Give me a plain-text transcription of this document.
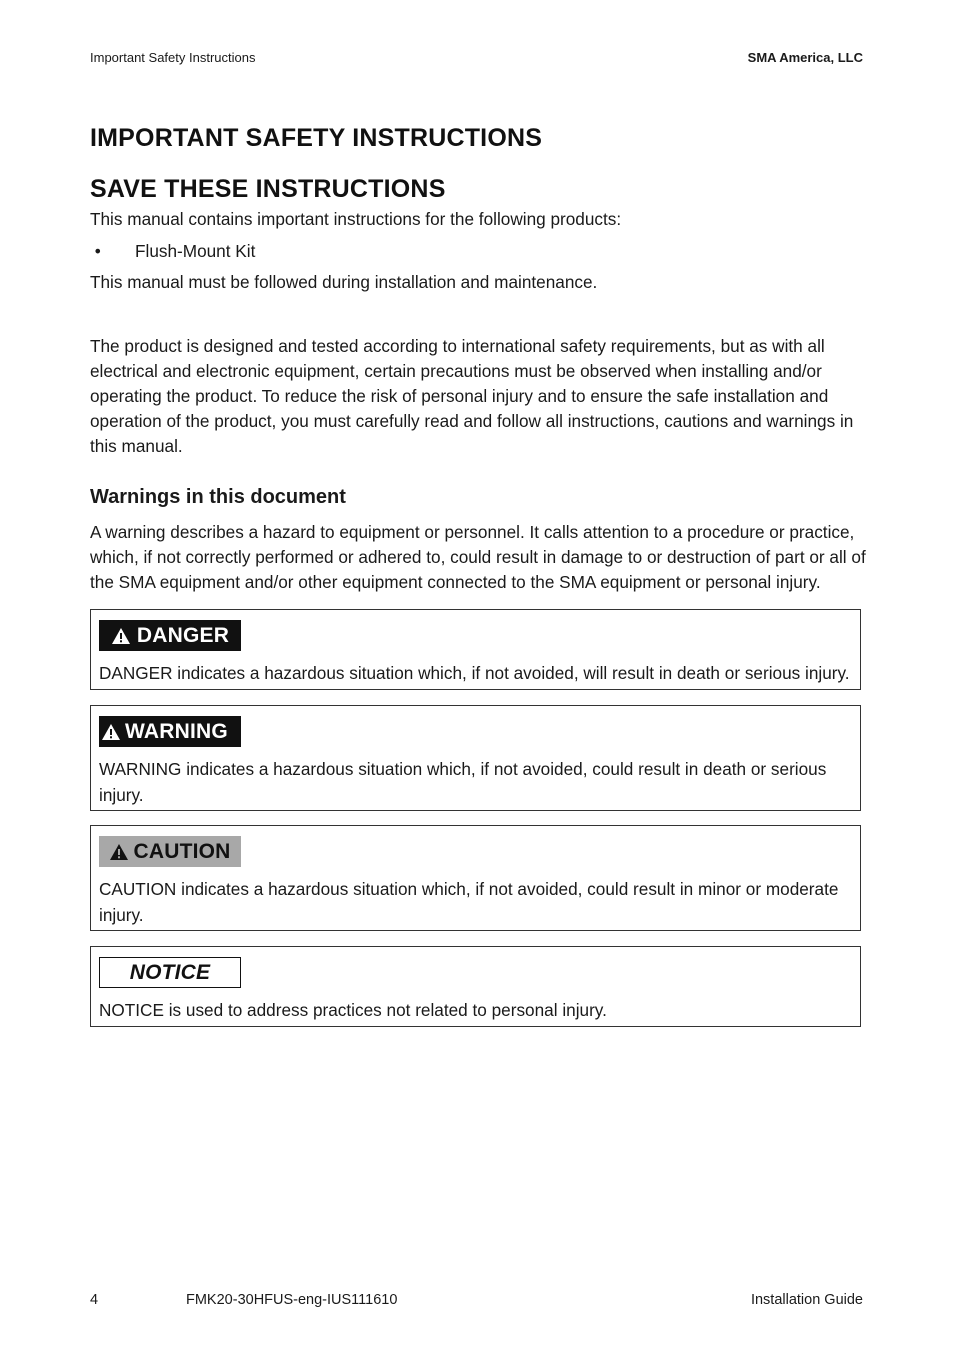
Important Safety Instructions	SMA America, LLC
IMPORTANT SAFETY INSTRUCTIONS
SAVE THESE INSTRUCTIONS

This manual contains important instructions for the following products:

• Flush-Mount Kit

This manual must be followed during installation and maintenance.

The product is designed and tested according to international safety requirements, but as with all electrical and electronic equipment, certain precautions must be observed when installing and/or operating the product. To reduce the risk of personal injury and to ensure the safe installation and operation of the product, you must carefully read and follow all instructions, cautions and warnings in this manual.

Warnings in this document

A warning describes a hazard to equipment or personnel. It calls attention to a procedure or practice, which, if not correctly performed or adhered to, could result in damage to or destruction of part or all of the SMA equipment and/or other equipment connected to the SMA equipment or personal injury.

DANGER
DANGER indicates a hazardous situation which, if not avoided, will result in death or serious injury.
WARNING
WARNING indicates a hazardous situation which, if not avoided, could result in death or serious injury.
CAUTION
CAUTION indicates a hazardous situation which, if not avoided, could result in minor or moderate injury.
NOTICE
NOTICE is used to address practices not related to personal injury.
4	FMK20-30HFUS-eng-IUS111610	Installation Guide
